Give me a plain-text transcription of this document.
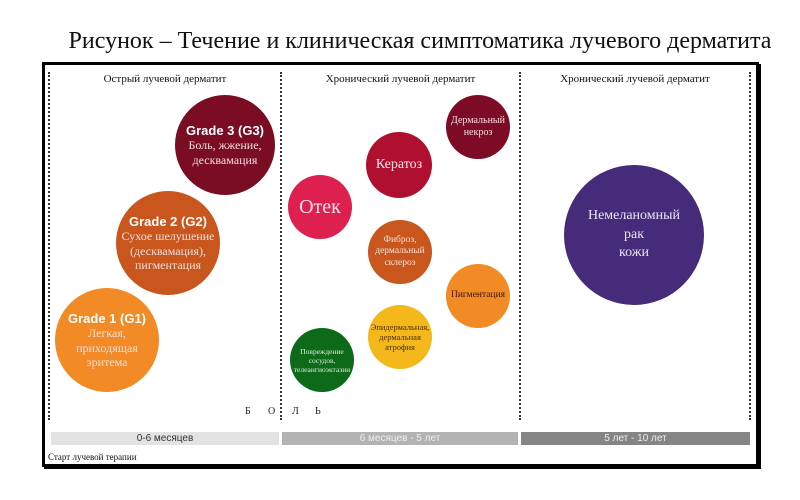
Рисунок – Течение и клиническая симптоматика лучевого дерматита
Острый лучевой дерматит	Хронический лучевой дерматит	Хронический лучевой дерматит
Grade 3 (G3)
Боль, жжение, десквамация
Grade 2 (G2)
Сухое шелушение (десквамация), пигментация
Grade 1 (G1)
Легкая, приходящая эритема
Отек
Кератоз
Дермальный некроз
Фиброз, дермальный склероз
Пигментация
Эпидермальная, дермальная атрофия
Повреждение сосудов, телеангиоэктазии
Немеланомный
рак
кожи
Б О Л Ь
0-6 месяцев	6 месяцев - 5 лет	5 лет - 10 лет
Старт лучевой терапии
